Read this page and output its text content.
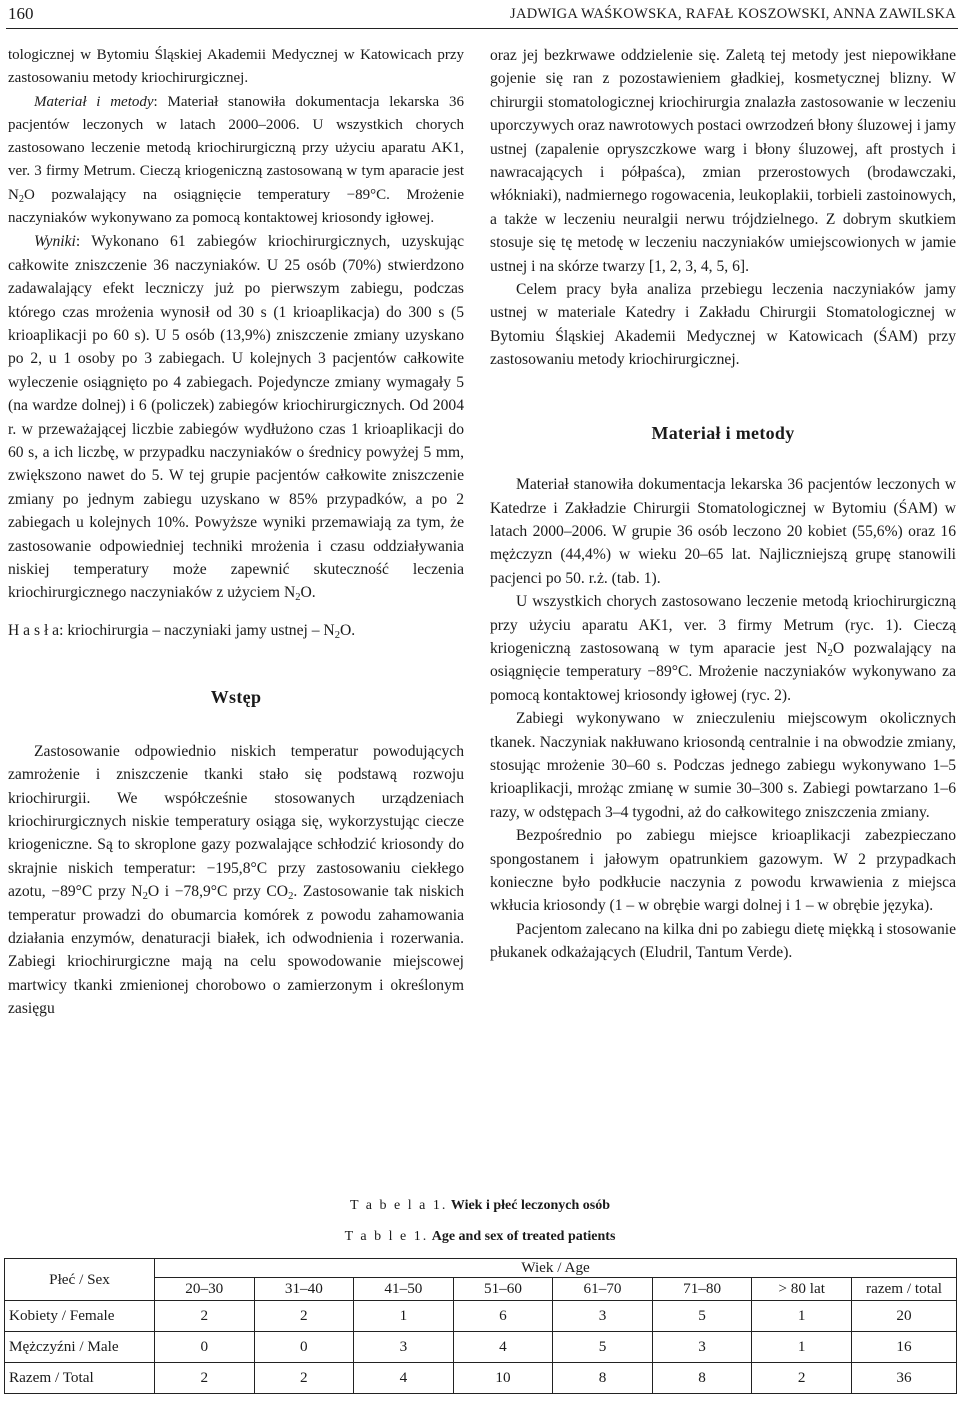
160	JADWIGA WAŚKOWSKA, RAFAŁ KOSZOWSKI, ANNA ZAWILSKA

tologicznej w Bytomiu Śląskiej Akademii Medycznej w Katowicach przy zastosowaniu metody kriochirurgicznej.

Materiał i metody: Materiał stanowiła dokumentacja lekarska 36 pacjentów leczonych w latach 2000–2006. U wszystkich chorych zastosowano leczenie metodą kriochirurgiczną przy użyciu aparatu AK1, ver. 3 firmy Metrum. Cieczą kriogeniczną zastosowaną w tym aparacie jest $N_2O$ pozwalający na osiągnięcie temperatury −89°C. Mrożenie naczyniaków wykonywano za pomocą kontaktowej kriosondy igłowej.

Wyniki: Wykonano 61 zabiegów kriochirurgicznych, uzyskując całkowite zniszczenie 36 naczyniaków. U 25 osób (70%) stwierdzono zadawalający efekt leczniczy już po pierwszym zabiegu, podczas którego czas mrożenia wynosił od 30 s (1 krioaplikacja) do 300 s (5 krioaplikacji po 60 s). U 5 osób (13,9%) zniszczenie zmiany uzyskano po 2, u 1 osoby po 3 zabiegach. U kolejnych 3 pacjentów całkowite wyleczenie osiągnięto po 4 zabiegach. Pojedyncze zmiany wymagały 5 (na wardze dolnej) i 6 (policzek) zabiegów kriochirurgicznych. Od 2004 r. w przeważającej liczbie zabiegów wydłużono czas 1 krioaplikacji do 60 s, a ich liczbę, w przypadku naczyniaków o średnicy powyżej 5 mm, zwiększono nawet do 5. W tej grupie pacjentów całkowite zniszczenie zmiany po jednym zabiegu uzyskano w 85% przypadków, a po 2 zabiegach u kolejnych 10%. Powyższe wyniki przemawiają za tym, że zastosowanie odpowiedniej techniki mrożenia i czasu oddziaływania niskiej temperatury może zapewnić skuteczność leczenia kriochirurgicznego naczyniaków z użyciem $N_2O$.

H a s ł a: kriochirurgia – naczyniaki jamy ustnej – $N_2O$.

Wstęp

Zastosowanie odpowiednio niskich temperatur powodujących zamrożenie i zniszczenie tkanki stało się podstawą rozwoju kriochirurgii. We współcześnie stosowanych urządzeniach kriochirurgicznych niskie temperatury osiąga się, wykorzystując ciecze kriogeniczne. Są to skroplone gazy pozwalające schłodzić kriosondy do skrajnie niskich temperatur: −195,8°C przy zastosowaniu ciekłego azotu, −89°C przy $N_2O$ i −78,9°C przy $CO_2$. Zastosowanie tak niskich temperatur prowadzi do obumarcia komórek z powodu zahamowania działania enzymów, denaturacji białek, ich odwodnienia i rozerwania. Zabiegi kriochirurgiczne mają na celu spowodowanie miejscowej martwicy tkanki zmienionej chorobowo o zamierzonym i określonym zasięgu

oraz jej bezkrwawe oddzielenie się. Zaletą tej metody jest niepowikłane gojenie się ran z pozostawieniem gładkiej, kosmetycznej blizny. W chirurgii stomatologicznej kriochirurgia znalazła zastosowanie w leczeniu uporczywych oraz nawrotowych postaci owrzodzeń błony śluzowej i jamy ustnej (zapalenie opryszczkowe warg i błony śluzowej, aft prostych i nawracających i półpaśca), zmian przerostowych (brodawczaki, włókniaki), nadmiernego rogowacenia, leukoplakii, torbieli zastoinowych, a także w leczeniu neuralgii nerwu trójdzielnego. Z dobrym skutkiem stosuje się tę metodę w leczeniu naczyniaków umiejscowionych w jamie ustnej i na skórze twarzy [1, 2, 3, 4, 5, 6].

Celem pracy była analiza przebiegu leczenia naczyniaków jamy ustnej w materiale Katedry i Zakładu Chirurgii Stomatologicznej w Bytomiu Śląskiej Akademii Medycznej w Katowicach (ŚAM) przy zastosowaniu metody kriochirurgicznej.

Materiał i metody

Materiał stanowiła dokumentacja lekarska 36 pacjentów leczonych w Katedrze i Zakładzie Chirurgii Stomatologicznej w Bytomiu (ŚAM) w latach 2000–2006. W grupie 36 osób leczono 20 kobiet (55,6%) oraz 16 mężczyzn (44,4%) w wieku 20–65 lat. Najliczniejszą grupę stanowili pacjenci po 50. r.ż. (tab. 1).

U wszystkich chorych zastosowano leczenie metodą kriochirurgiczną przy użyciu aparatu AK1, ver. 3 firmy Metrum (ryc. 1). Cieczą kriogeniczną zastosowaną w tym aparacie jest $N_2O$ pozwalający na osiągnięcie temperatury −89°C. Mrożenie naczyniaków wykonywano za pomocą kontaktowej kriosondy igłowej (ryc. 2).

Zabiegi wykonywano w znieczuleniu miejscowym okolicznych tkanek. Naczyniak nakłuwano kriosondą centralnie i na obwodzie zmiany, stosując mrożenie 30–60 s. Podczas jednego zabiegu wykonywano 1–5 krioaplikacji, mrożąc zmianę w sumie 30–300 s. Zabiegi powtarzano 1–6 razy, w odstępach 3–4 tygodni, aż do całkowitego zniszczenia zmiany.

Bezpośrednio po zabiegu miejsce krioaplikacji zabezpieczano spongostanem i jałowym opatrunkiem gazowym. W 2 przypadkach konieczne było podkłucie naczynia z powodu krwawienia z miejsca wkłucia kriosondy (1 – w obrębie wargi dolnej i 1 – w obrębie języka).

Pacjentom zalecano na kilka dni po zabiegu dietę miękką i stosowanie płukanek odkażających (Eludril, Tantum Verde).

T a b e l a 1. Wiek i płeć leczonych osób
T a b l e 1. Age and sex of treated patients
Płeć / Sex	Wiek / Age							
	20–30	31–40	41–50	51–60	61–70	71–80	> 80 lat	razem / total
Kobiety / Female	2	2	1	6	3	5	1	20
Mężczyźni / Male	0	0	3	4	5	3	1	16
Razem / Total	2	2	4	10	8	8	2	36
